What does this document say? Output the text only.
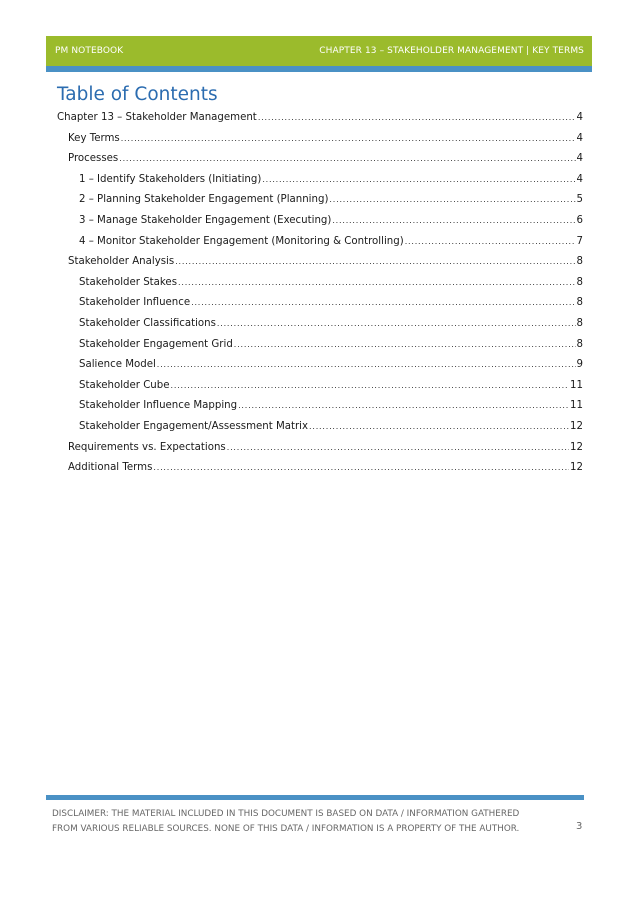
PM NOTEBOOK	CHAPTER 13 – STAKEHOLDER MANAGEMENT | KEY TERMS
Table of Contents
Chapter 13 – Stakeholder Management .....	4
Key Terms .....	4
Processes .....	4
1 – Identify Stakeholders (Initiating) .....	4
2 – Planning Stakeholder Engagement (Planning) .....	5
3 – Manage Stakeholder Engagement (Executing) .....	6
4 – Monitor Stakeholder Engagement (Monitoring & Controlling) .....	7
Stakeholder Analysis .....	8
Stakeholder Stakes .....	8
Stakeholder Influence .....	8
Stakeholder Classifications .....	8
Stakeholder Engagement Grid .....	8
Salience Model .....	9
Stakeholder Cube .....	11
Stakeholder Influence Mapping .....	11
Stakeholder Engagement/Assessment Matrix .....	12
Requirements vs. Expectations .....	12
Additional Terms .....	12

DISCLAIMER: THE MATERIAL INCLUDED IN THIS DOCUMENT IS BASED ON DATA / INFORMATION GATHERED FROM VARIOUS RELIABLE SOURCES. NONE OF THIS DATA / INFORMATION IS A PROPERTY OF THE AUTHOR.	3
